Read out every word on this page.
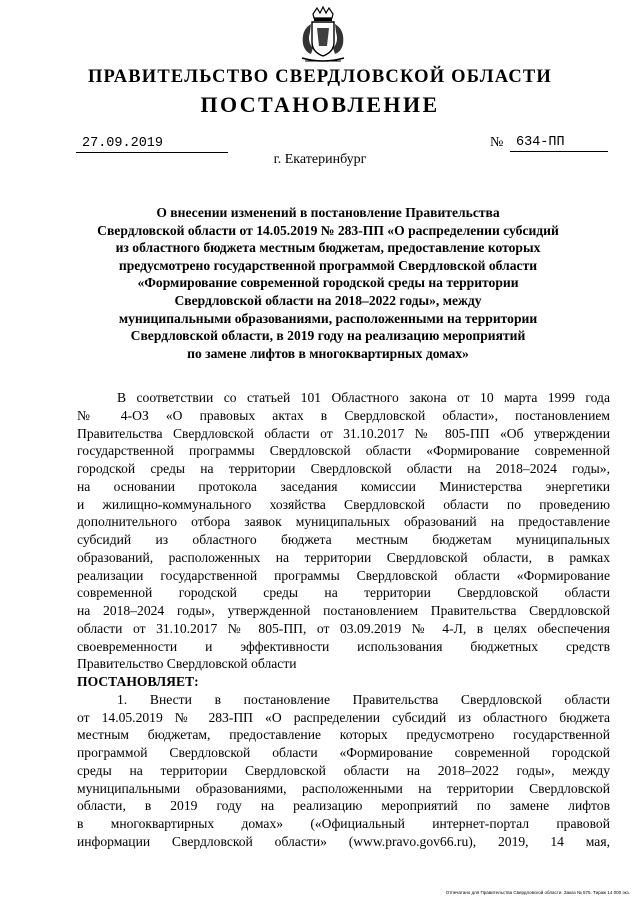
ПРАВИТЕЛЬСТВО СВЕРДЛОВСКОЙ ОБЛАСТИ
ПОСТАНОВЛЕНИЕ
27.09.2019	№ 634-ПП
г. Екатеринбург
О внесении изменений в постановление Правительства
Свердловской области от 14.05.2019 № 283-ПП «О распределении субсидий
из областного бюджета местным бюджетам, предоставление которых
предусмотрено государственной программой Свердловской области
«Формирование современной городской среды на территории
Свердловской области на 2018–2022 годы», между
муниципальными образованиями, расположенными на территории
Свердловской области, в 2019 году на реализацию мероприятий
по замене лифтов в многоквартирных домах»
В соответствии со статьей 101 Областного закона от 10 марта 1999 года
№ 4-ОЗ «О правовых актах в Свердловской области», постановлением
Правительства Свердловской области от 31.10.2017 № 805-ПП «Об утверждении
государственной программы Свердловской области «Формирование современной
городской среды на территории Свердловской области на 2018–2024 годы»,
на основании протокола заседания комиссии Министерства энергетики
и жилищно-коммунального хозяйства Свердловской области по проведению
дополнительного отбора заявок муниципальных образований на предоставление
субсидий из областного бюджета местным бюджетам муниципальных
образований, расположенных на территории Свердловской области, в рамках
реализации государственной программы Свердловской области «Формирование
современной городской среды на территории Свердловской области
на 2018–2024 годы», утвержденной постановлением Правительства Свердловской
области от 31.10.2017 № 805-ПП, от 03.09.2019 № 4-Л, в целях обеспечения
своевременности и эффективности использования бюджетных средств
Правительство Свердловской области
ПОСТАНОВЛЯЕТ:
1. Внести в постановление Правительства Свердловской области
от 14.05.2019 № 283-ПП «О распределении субсидий из областного бюджета
местным бюджетам, предоставление которых предусмотрено государственной
программой Свердловской области «Формирование современной городской
среды на территории Свердловской области на 2018–2022 годы», между
муниципальными образованиями, расположенными на территории Свердловской
области, в 2019 году на реализацию мероприятий по замене лифтов
в многоквартирных домах» («Официальный интернет-портал правовой
информации Свердловской области» (www.pravo.gov66.ru), 2019, 14 мая,
Отпечатано для Правительства Свердловской области. Заказ № 575. Тираж 14 000 экз.
